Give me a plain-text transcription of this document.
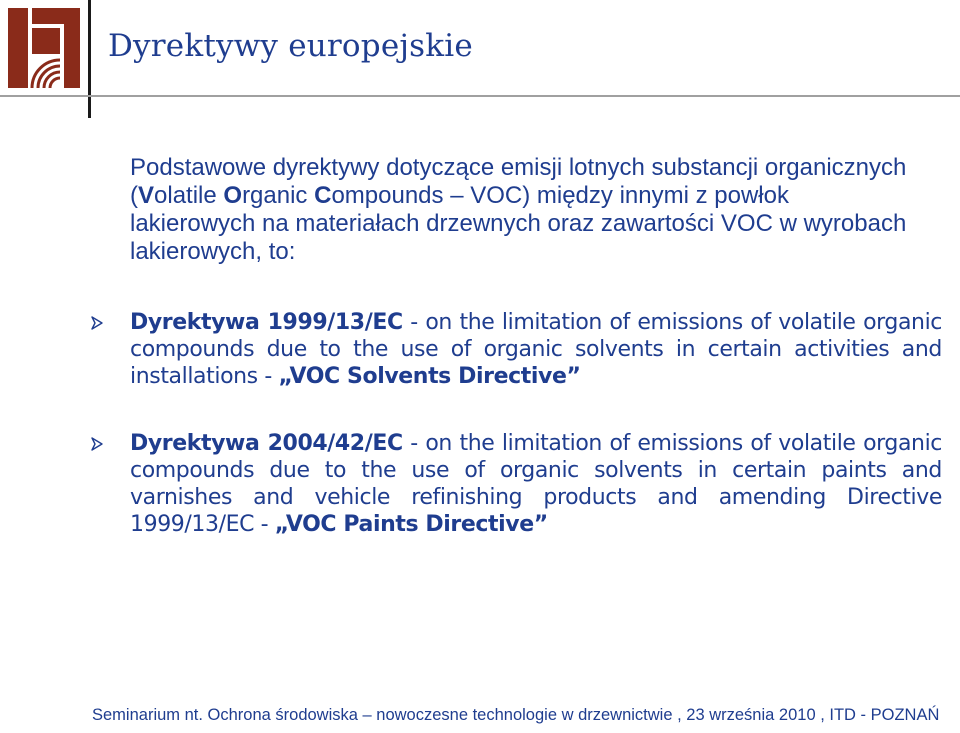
Dyrektywy europejskie
Podstawowe dyrektywy dotyczące emisji lotnych substancji organicznych (Volatile Organic Compounds – VOC) między innymi z powłok lakierowych na materiałach drzewnych oraz zawartości VOC w wyrobach lakierowych, to:
Dyrektywa 1999/13/EC - on the limitation of emissions of volatile organic compounds due to the use of organic solvents in certain activities and installations - „VOC Solvents Directive”
Dyrektywa 2004/42/EC - on the limitation of emissions of volatile organic compounds due to the use of organic solvents in certain paints and varnishes and vehicle refinishing products and amending Directive 1999/13/EC - „VOC Paints Directive”
Seminarium nt. Ochrona środowiska – nowoczesne technologie w drzewnictwie , 23 września 2010 , ITD - POZNAŃ
